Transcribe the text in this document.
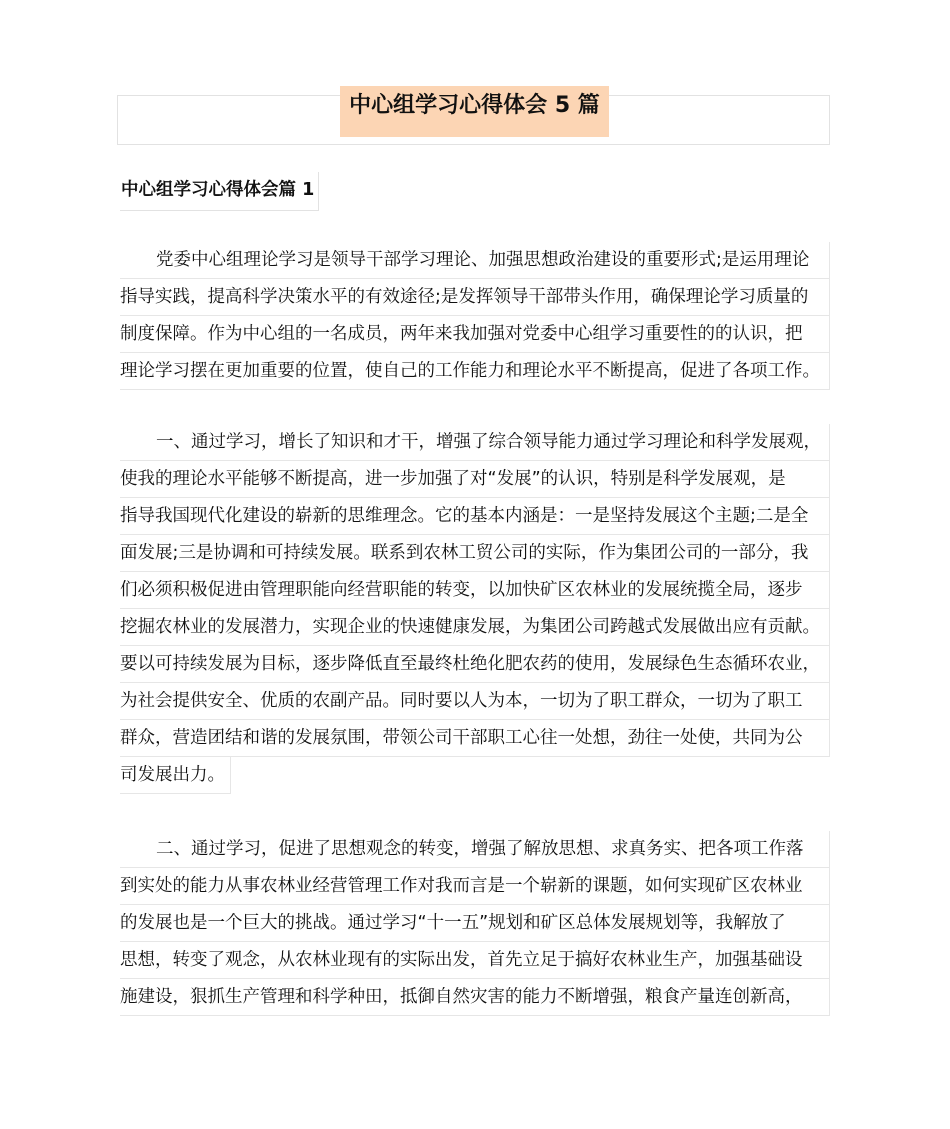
中心组学习心得体会 5 篇
中心组学习心得体会篇 1
党委中心组理论学习是领导干部学习理论、加强思想政治建设的重要形式;是运用理论
指导实践，提高科学决策水平的有效途径;是发挥领导干部带头作用，确保理论学习质量的
制度保障。作为中心组的一名成员，两年来我加强对党委中心组学习重要性的的认识，把
理论学习摆在更加重要的位置，使自己的工作能力和理论水平不断提高，促进了各项工作。
一、通过学习，增长了知识和才干，增强了综合领导能力通过学习理论和科学发展观，
使我的理论水平能够不断提高，进一步加强了对“发展”的认识，特别是科学发展观，是
指导我国现代化建设的崭新的思维理念。它的基本内涵是：一是坚持发展这个主题;二是全
面发展;三是协调和可持续发展。联系到农林工贸公司的实际，作为集团公司的一部分，我
们必须积极促进由管理职能向经营职能的转变，以加快矿区农林业的发展统揽全局，逐步
挖掘农林业的发展潜力，实现企业的快速健康发展，为集团公司跨越式发展做出应有贡献。
要以可持续发展为目标，逐步降低直至最终杜绝化肥农药的使用，发展绿色生态循环农业，
为社会提供安全、优质的农副产品。同时要以人为本，一切为了职工群众，一切为了职工
群众，营造团结和谐的发展氛围，带领公司干部职工心往一处想，劲往一处使，共同为公
司发展出力。
二、通过学习，促进了思想观念的转变，增强了解放思想、求真务实、把各项工作落
到实处的能力从事农林业经营管理工作对我而言是一个崭新的课题，如何实现矿区农林业
的发展也是一个巨大的挑战。通过学习“十一五”规划和矿区总体发展规划等，我解放了
思想，转变了观念，从农林业现有的实际出发，首先立足于搞好农林业生产，加强基础设
施建设，狠抓生产管理和科学种田，抵御自然灾害的能力不断增强，粮食产量连创新高，
